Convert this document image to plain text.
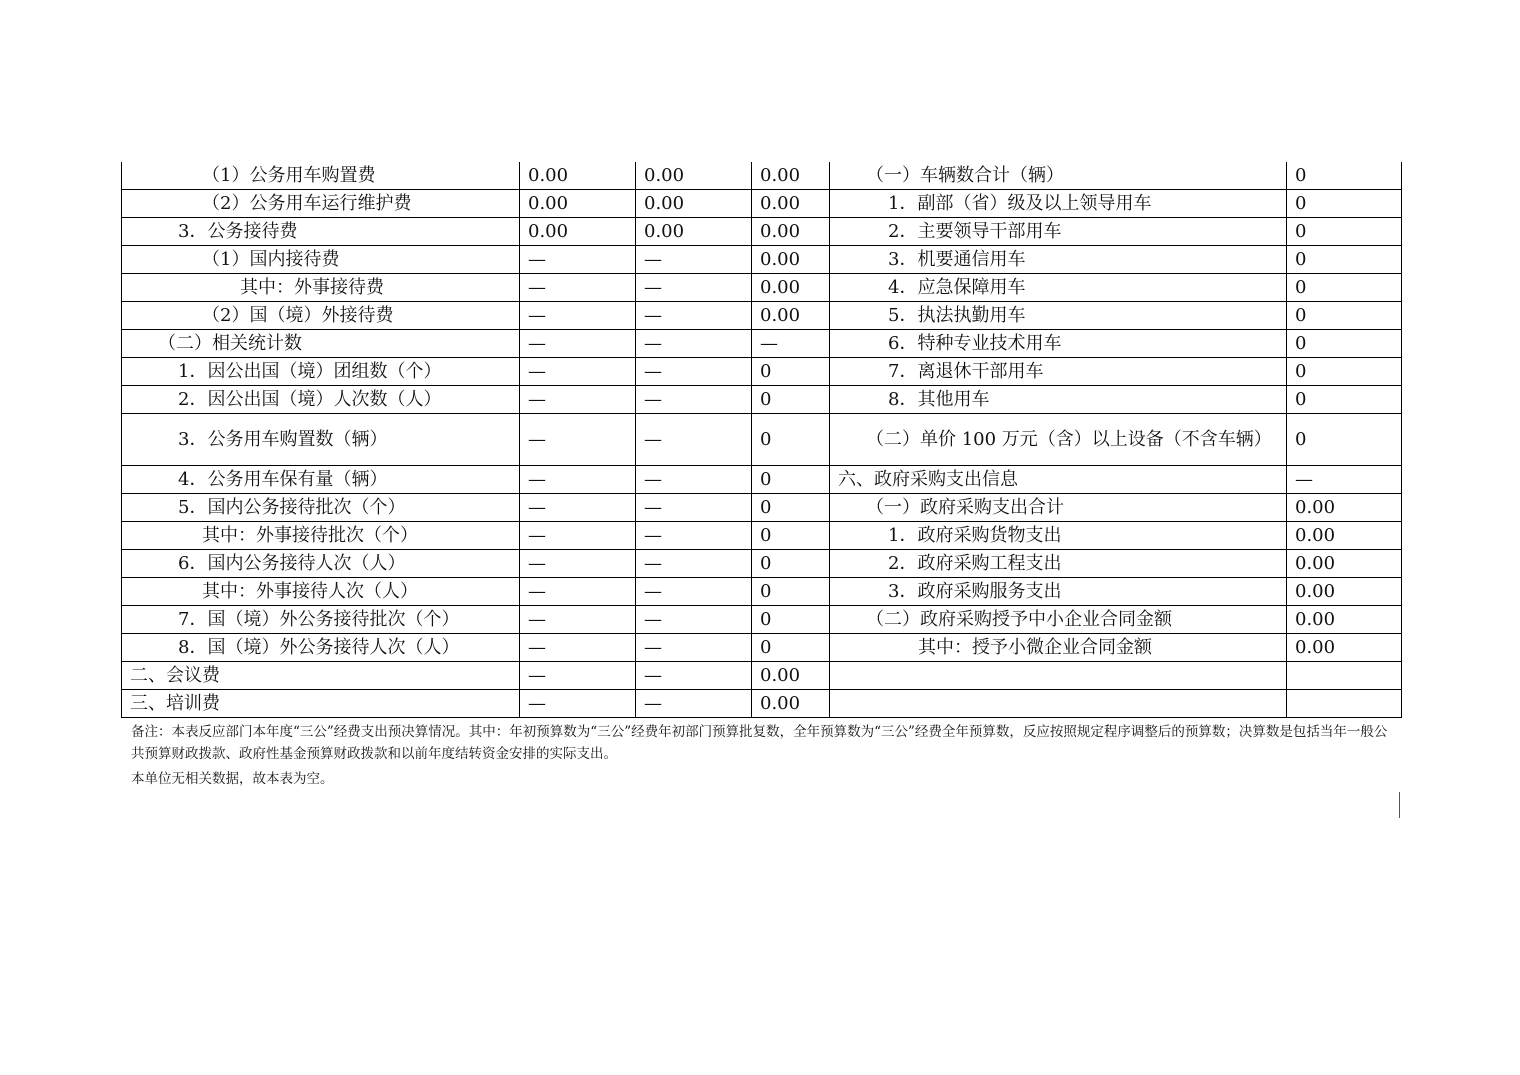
（1）公务用车购置费	0.00	0.00	0.00	（一）车辆数合计（辆）	0
（2）公务用车运行维护费	0.00	0.00	0.00	1．副部（省）级及以上领导用车	0
3．公务接待费	0.00	0.00	0.00	2．主要领导干部用车	0
（1）国内接待费	—	—	0.00	3．机要通信用车	0
其中：外事接待费	—	—	0.00	4．应急保障用车	0
（2）国（境）外接待费	—	—	0.00	5．执法执勤用车	0
（二）相关统计数	—	—	—	6．特种专业技术用车	0
1．因公出国（境）团组数（个）	—	—	0	7．离退休干部用车	0
2．因公出国（境）人次数（人）	—	—	0	8．其他用车	0
3．公务用车购置数（辆）	—	—	0	（二）单价 100 万元（含）以上设备（不含车辆）	0
4．公务用车保有量（辆）	—	—	0	六、政府采购支出信息	—
5．国内公务接待批次（个）	—	—	0	（一）政府采购支出合计	0.00
其中：外事接待批次（个）	—	—	0	1．政府采购货物支出	0.00
6．国内公务接待人次（人）	—	—	0	2．政府采购工程支出	0.00
其中：外事接待人次（人）	—	—	0	3．政府采购服务支出	0.00
7．国（境）外公务接待批次（个）	—	—	0	（二）政府采购授予中小企业合同金额	0.00
8．国（境）外公务接待人次（人）	—	—	0	其中：授予小微企业合同金额	0.00
二、会议费	—	—	0.00		
三、培训费	—	—	0.00		
备注：本表反应部门本年度“三公”经费支出预决算情况。其中：年初预算数为“三公”经费年初部门预算批复数，全年预算数为“三公”经费全年预算数，反应按照规定程序调整后的预算数；决算数是包括当年一般公共预算财政拨款、政府性基金预算财政拨款和以前年度结转资金安排的实际支出。
本单位无相关数据，故本表为空。
